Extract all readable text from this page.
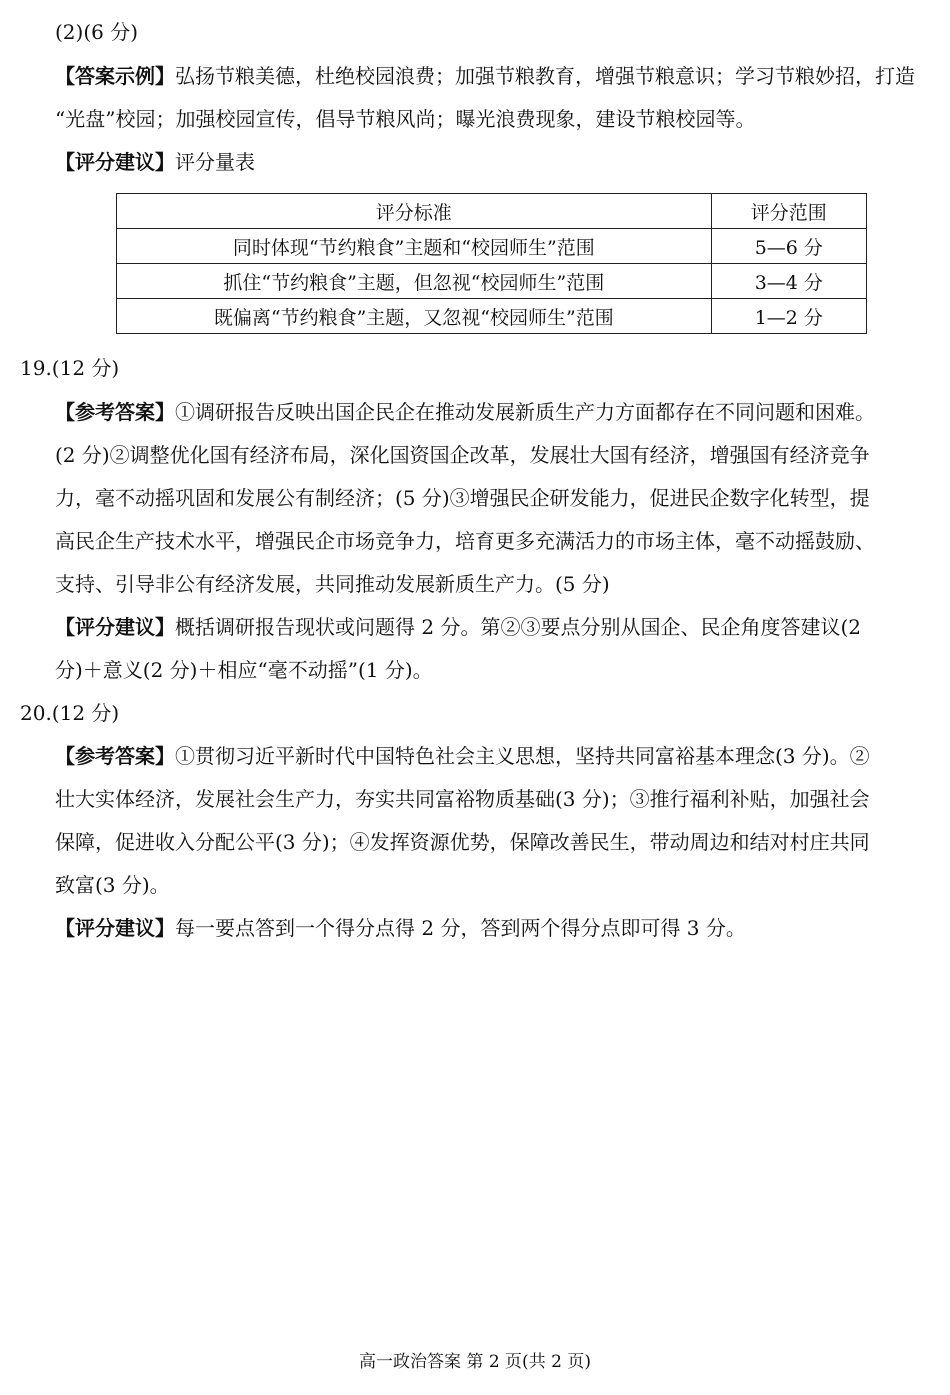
(2)(6 分)
【答案示例】弘扬节粮美德，杜绝校园浪费；加强节粮教育，增强节粮意识；学习节粮妙招，打造
“光盘”校园；加强校园宣传，倡导节粮风尚；曝光浪费现象，建设节粮校园等。
【评分建议】评分量表
评分标准	评分范围
同时体现“节约粮食”主题和“校园师生”范围	5—6 分
抓住“节约粮食”主题，但忽视“校园师生”范围	3—4 分
既偏离“节约粮食”主题，又忽视“校园师生”范围	1—2 分
19.(12 分)
【参考答案】①调研报告反映出国企民企在推动发展新质生产力方面都存在不同问题和困难。
(2 分)②调整优化国有经济布局，深化国资国企改革，发展壮大国有经济，增强国有经济竞争
力，毫不动摇巩固和发展公有制经济；(5 分)③增强民企研发能力，促进民企数字化转型，提
高民企生产技术水平，增强民企市场竞争力，培育更多充满活力的市场主体，毫不动摇鼓励、
支持、引导非公有经济发展，共同推动发展新质生产力。(5 分)
【评分建议】概括调研报告现状或问题得 2 分。第②③要点分别从国企、民企角度答建议(2
分)＋意义(2 分)＋相应“毫不动摇”(1 分)。
20.(12 分)
【参考答案】①贯彻习近平新时代中国特色社会主义思想，坚持共同富裕基本理念(3 分)。②
壮大实体经济，发展社会生产力，夯实共同富裕物质基础(3 分)；③推行福利补贴，加强社会
保障，促进收入分配公平(3 分)；④发挥资源优势，保障改善民生，带动周边和结对村庄共同
致富(3 分)。
【评分建议】每一要点答到一个得分点得 2 分，答到两个得分点即可得 3 分。
高一政治答案 第 2 页(共 2 页)
